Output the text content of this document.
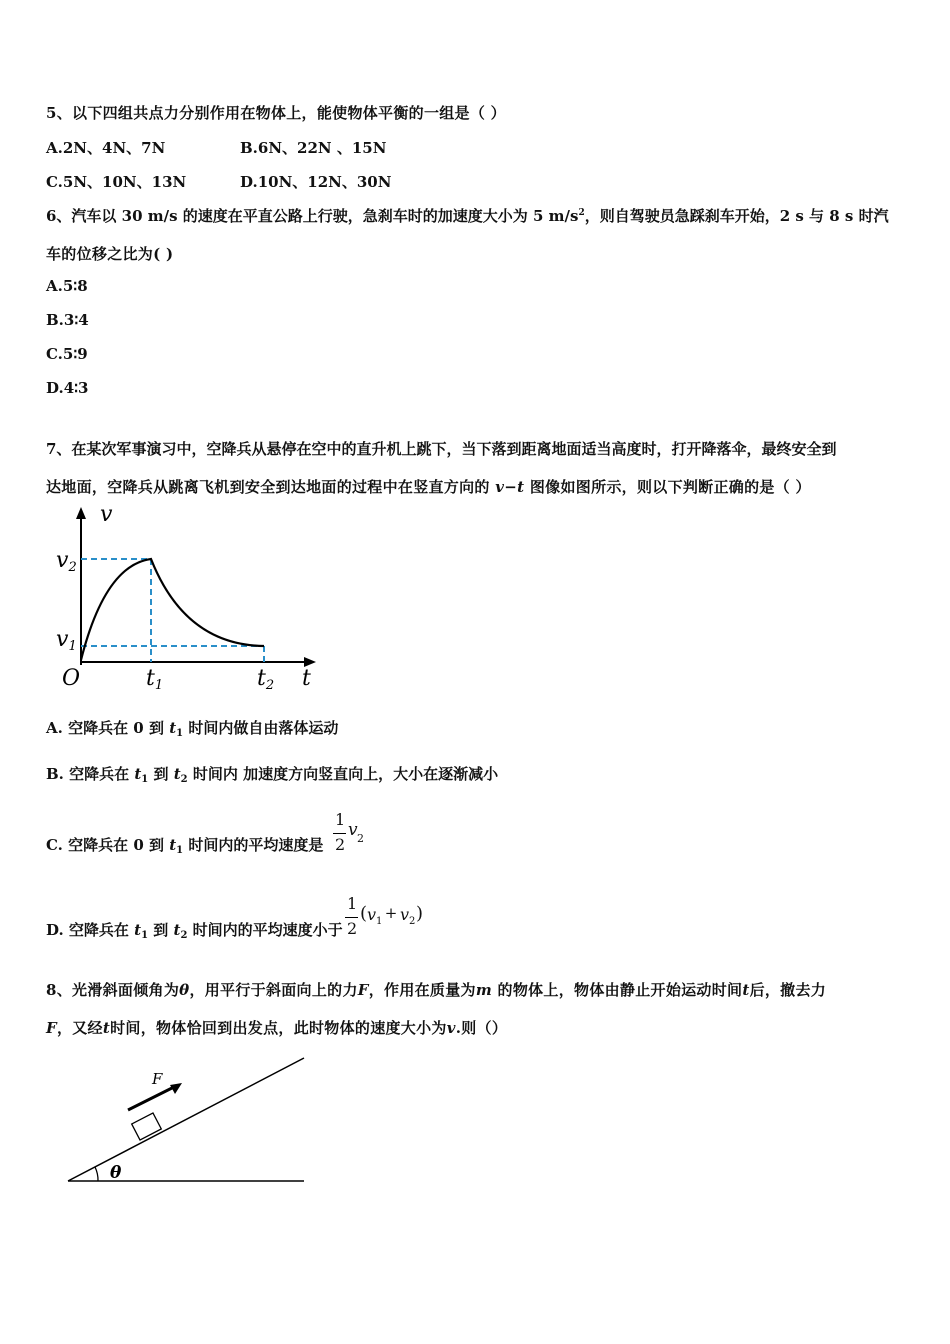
5、以下四组共点力分别作用在物体上，能使物体平衡的一组是（ ）
A.2N、4N、7N	B.6N、22N 、15N
C.5N、10N、13N	D.10N、12N、30N
6、汽车以 30 m/s 的速度在平直公路上行驶，急刹车时的加速度大小为 5 $m/s^2$，则自驾驶员急踩刹车开始，2 s 与 8 s 时汽
车的位移之比为( )
A.5∶8
B.3∶4
C.5∶9
D.4∶3
7、在某次军事演习中，空降兵从悬停在空中的直升机上跳下，当下落到距离地面适当高度时，打开降落伞，最终安全到
达地面，空降兵从跳离飞机到安全到达地面的过程中在竖直方向的 v−t 图像如图所示，则以下判断正确的是（ ）
v
v2
v1
O	t1	t2 t
A. 空降兵在 0 到 $t_1$ 时间内做自由落体运动
B. 空降兵在 $t_1$ 到 $t_2$ 时间内 加速度方向竖直向上，大小在逐渐减小
C. 空降兵在 0 到 $t_1$ 时间内的平均速度是
1
2
v 2
D. 空降兵在 $t_1$ 到 $t_2$ 时间内的平均速度小于
1
2
( v 1
+
v 2 )
8、光滑斜面倾角为θ，用平行于斜面向上的力F，作用在质量为m 的物体上，物体由静止开始运动时间t后，撤去力
F，又经t时间，物体恰回到出发点，此时物体的速度大小为v.则（）
θ
F
